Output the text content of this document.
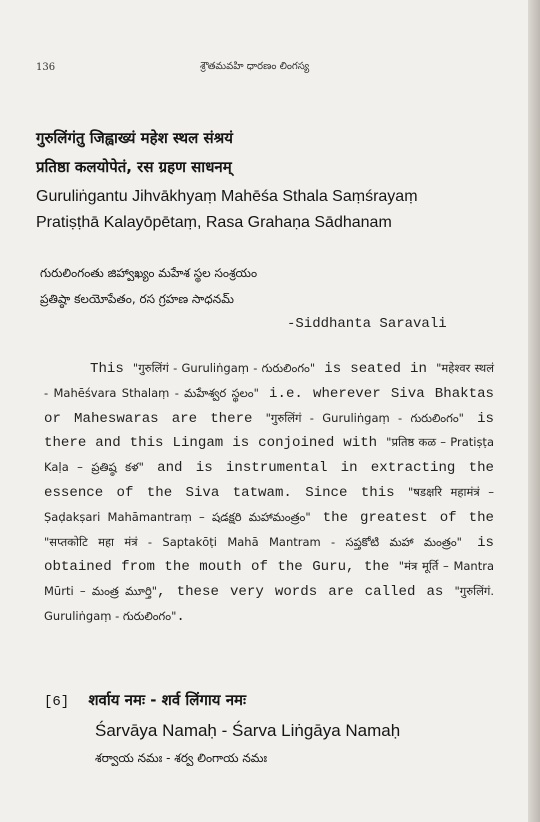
136	శ్రౌతమవహి ధారణం లింగస్య
गुरुलिंगंतु जिह्वाख्यं महेश स्थल संश्रयं
प्रतिष्ठा कलयोपेतं, रस ग्रहण साधनम्
Guruliṅgantu Jihvākhyaṃ Mahēśa Sthala Saṃśrayaṃ
Pratiṣṭhā Kalayōpētaṃ, Rasa Grahaṇa Sādhanam
గురులింగంతు జిహ్వాఖ్యం మహేశ స్థల సంశ్రయం
ప్రతిష్ఠా కలయోపేతం, రస గ్రహణ సాధనమ్
-Siddhanta Saravali
This "गुरुलिंगं - Guruliṅgaṃ - గురులింగం" is seated in "महेश्वर स्थलं - Mahēśvara Sthalaṃ - మహేశ్వర స్థలం" i.e. wherever Siva Bhaktas or Maheswaras are there "गुरुलिंगं - Guruliṅgaṃ - గురులింగం" is there and this Lingam is conjoined with "प्रतिष्ठ कळ – Pratiṣṭa Kaḷa – ప్రతిష్ఠ కళ" and is instrumental in extracting the essence of the Siva tatwam. Since this "षडक्षरि महामंत्रं – Ṣaḍakṣari Mahāmantraṃ – షడక్షరి మహామంత్రం" the greatest of the "सप्तकोटि महा मंत्रं - Saptakōṭi Mahā Mantram - సప్తకోటి మహా మంత్రం" is obtained from the mouth of the Guru, the "मंत्र मूर्ति – Mantra Mūrti – మంత్ర మూర్తి", these very words are called as "गुरुलिंगं. Guruliṅgaṃ - గురులింగం".
[6] शर्वाय नमः - शर्व लिंगाय नमः
Śarvāya Namaḥ - Śarva Liṅgāya Namaḥ
శర్వాయ నమః - శర్వ లింగాయ నమః
